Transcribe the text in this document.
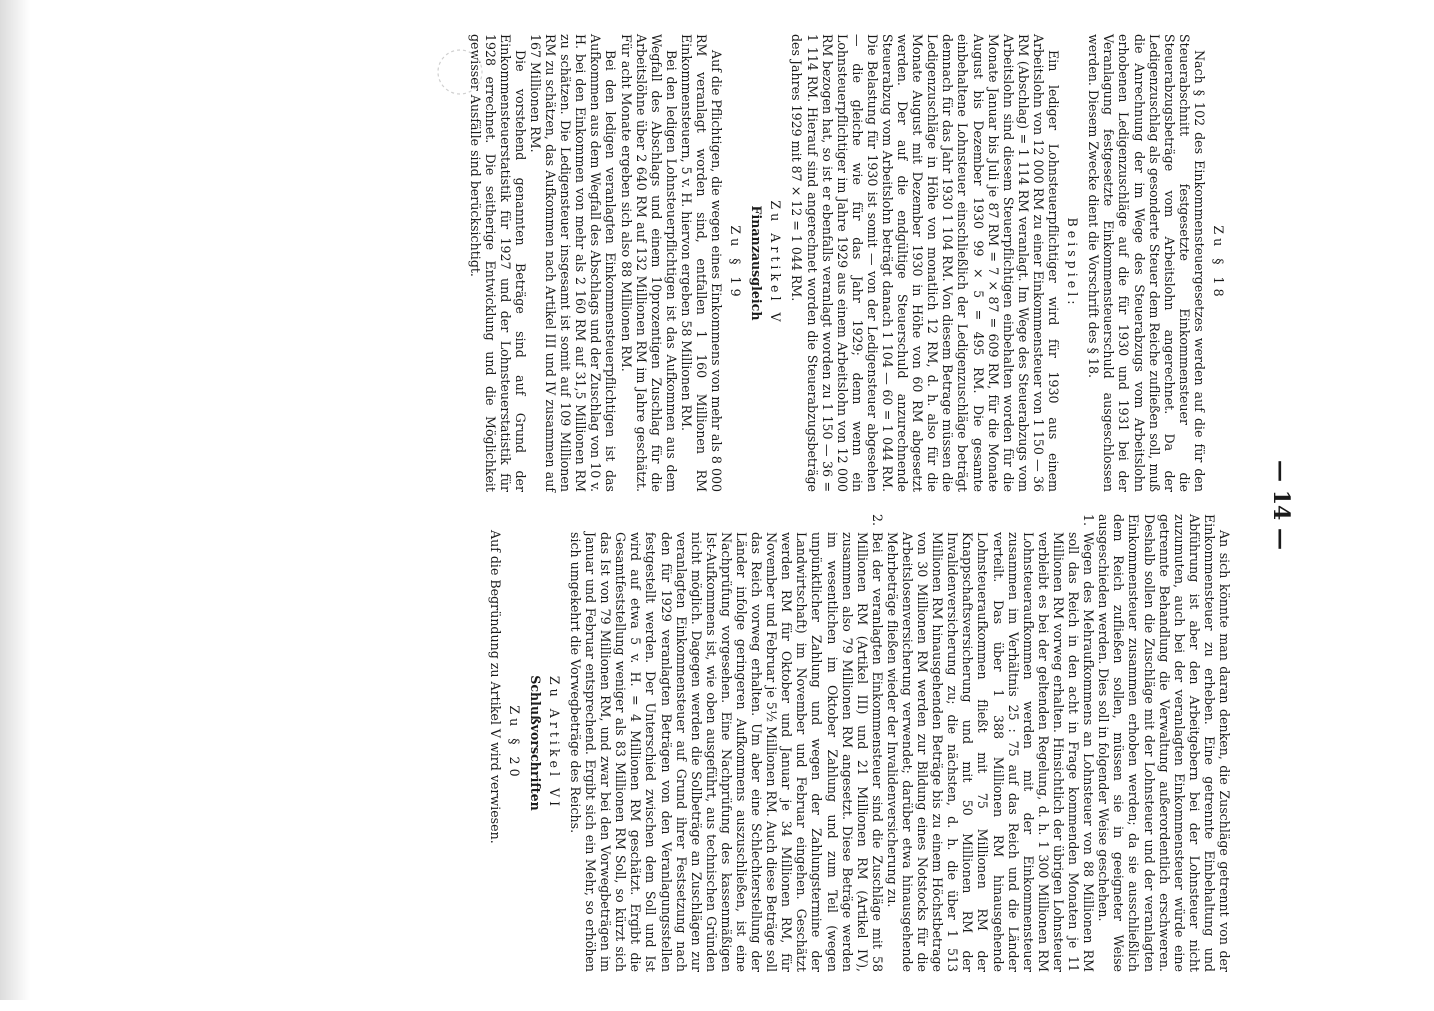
— 14 —
Zu § 18

Nach § 102 des Einkommensteuergesetzes werden auf die für den Steuerabschnitt festgesetzte Einkommensteuer die Steuerabzugsbeträge vom Arbeitslohn angerechnet. Da der Ledigenzuschlag als gesonderte Steuer dem Reiche zufließen soll, muß die Anrechnung der im Wege des Steuerabzugs vom Arbeitslohn erhobenen Ledigenzuschläge auf die für 1930 und 1931 bei der Veranlagung festgesetzte Einkommensteuerschuld ausgeschlossen werden. Diesem Zwecke dient die Vorschrift des § 18.

Beispiel:

Ein lediger Lohnsteuerpflichtiger wird für 1930 aus einem Arbeitslohn von 12 000 RM zu einer Einkommensteuer von 1 150 — 36 RM (Abschlag) = 1 114 RM veranlagt. Im Wege des Steuerabzugs vom Arbeitslohn sind diesem Steuerpflichtigen einbehalten worden für die Monate Januar bis Juli je 87 RM = 7 × 87 = 609 RM, für die Monate August bis Dezember 1930 99 × 5 = 495 RM. Die gesamte einbehaltene Lohnsteuer einschließlich der Ledigenzuschläge beträgt demnach für das Jahr 1930 1 104 RM. Von diesem Betrage müssen die Ledigenzuschläge in Höhe von monatlich 12 RM, d. h. also für die Monate August mit Dezember 1930 in Höhe von 60 RM abgesetzt werden. Der auf die endgültige Steuerschuld anzurechnende Steuerabzug vom Arbeitslohn beträgt danach 1 104 — 60 = 1 044 RM. Die Belastung für 1930 ist somit — von der Ledigensteuer abgesehen — die gleiche wie für das Jahr 1929; denn wenn ein Lohnsteuerpflichtiger im Jahre 1929 aus einem Arbeitslohn von 12 000 RM bezogen hat, so ist er ebenfalls veranlagt worden zu 1 150 — 36 = 1 114 RM. Hierauf sind angerechnet worden die Steuerabzugsbeträge des Jahres 1929 mit 87 × 12 = 1 044 RM.

Zu Artikel V
Finanzausgleich
Zu § 19

Auf die Pflichtigen, die wegen eines Einkommens von mehr als 8 000 RM veranlagt worden sind, entfallen 1 160 Millionen RM Einkommensteuern, 5 v. H. hiervon ergeben 58 Millionen RM.

Bei den ledigen Lohnsteuerpflichtigen ist das Aufkommen aus dem Wegfall des Abschlags und einem 10prozentigen Zuschlag für die Arbeitslöhne über 2 640 RM auf 132 Millionen RM im Jahre geschätzt. Für acht Monate ergeben sich also 88 Millionen RM.

Bei den ledigen veranlagten Einkommensteuerpflichtigen ist das Aufkommen aus dem Wegfall des Abschlags und der Zuschlag von 10 v. H. bei den Einkommen von mehr als 2 160 RM auf 31,5 Millionen RM zu schätzen. Die Ledigensteuer insgesamt ist somit auf 109 Millionen RM zu schätzen, das Aufkommen nach Artikel III und IV zusammen auf 167 Millionen RM.

Die vorstehend genannten Beträge sind auf Grund der Einkommensteuerstatistik für 1927 und der Lohnsteuerstatistik für 1928 errechnet. Die seitherige Entwicklung und die Möglichkeit gewisser Ausfälle sind berücksichtigt.

An sich könnte man daran denken, die Zuschläge getrennt von der Einkommensteuer zu erheben. Eine getrennte Einbehaltung und Abführung ist aber den Arbeitgebern bei der Lohnsteuer nicht zuzumuten, auch bei der veranlagten Einkommensteuer würde eine getrennte Behandlung die Verwaltung außerordentlich erschweren. Deshalb sollen die Zuschläge mit der Lohnsteuer und der veranlagten Einkommensteuer zusammen erhoben werden; da sie ausschließlich dem Reich zufließen sollen, müssen sie in geeigneter Weise ausgeschieden werden. Dies soll in folgender Weise geschehen.

1.
Wegen des Mehraufkommens an Lohnsteuer von 88 Millionen RM soll das Reich in den acht in Frage kommenden Monaten je 11 Millionen RM vorweg erhalten. Hinsichtlich der übrigen Lohnsteuer verbleibt es bei der geltenden Regelung, d. h. 1 300 Millionen RM Lohnsteueraufkommen werden mit der Einkommensteuer zusammen im Verhältnis 25 : 75 auf das Reich und die Länder verteilt. Das über 1 388 Millionen RM hinausgehende Lohnsteueraufkommen fließt mit 75 Millionen RM der Knappschaftsversicherung und mit 50 Millionen RM der Invalidenversicherung zu; die nächsten, d. h. die über 1 513 Millionen RM hinausgehenden Beträge bis zu einem Höchstbetrage von 30 Millionen RM werden zur Bildung eines Notstocks für die Arbeitslosenversicherung verwendet; darüber etwa hinausgehende Mehrbeträge fließen wieder der Invalidenversicherung zu.

2.
Bei der veranlagten Einkommensteuer sind die Zuschläge mit 58 Millionen RM (Artikel III) und 21 Millionen RM (Artikel IV), zusammen also 79 Millionen RM angesetzt. Diese Beträge werden im wesentlichen im Oktober Zahlung und zum Teil (wegen unpünktlicher Zahlung und wegen der Zahlungstermine der Landwirtschaft) im November und Februar eingehen. Geschätzt werden RM für Oktober und Januar je 34 Millionen RM, für November und Februar je 5½ Millionen RM. Auch diese Beträge soll das Reich vorweg erhalten. Um aber eine Schlechterstellung der Länder infolge geringeren Aufkommens auszuschließen, ist eine Nachprüfung vorgesehen. Eine Nachprüfung des kassenmäßigen Ist-Aufkommens ist, wie oben ausgeführt, aus technischen Gründen nicht möglich. Dagegen werden die Sollbeträge an Zuschlägen zur veranlagten Einkommensteuer auf Grund ihrer Festsetzung nach den für 1929 veranlagten Beträgen von den Veranlagungsstellen festgestellt werden. Der Unterschied zwischen dem Soll und Ist wird auf etwa 5 v. H. = 4 Millionen RM geschätzt. Ergibt die Gesamtfeststellung weniger als 83 Millionen RM Soll, so kürzt sich das Ist von 79 Millionen RM, und zwar bei den Vorwegbeträgen im Januar und Februar entsprechend. Ergibt sich ein Mehr, so erhöhen sich umgekehrt die Vorwegbeträge des Reichs.

Zu Artikel VI
Schlußvorschriften
Zu § 20

Auf die Begründung zu Artikel V wird verwiesen.
